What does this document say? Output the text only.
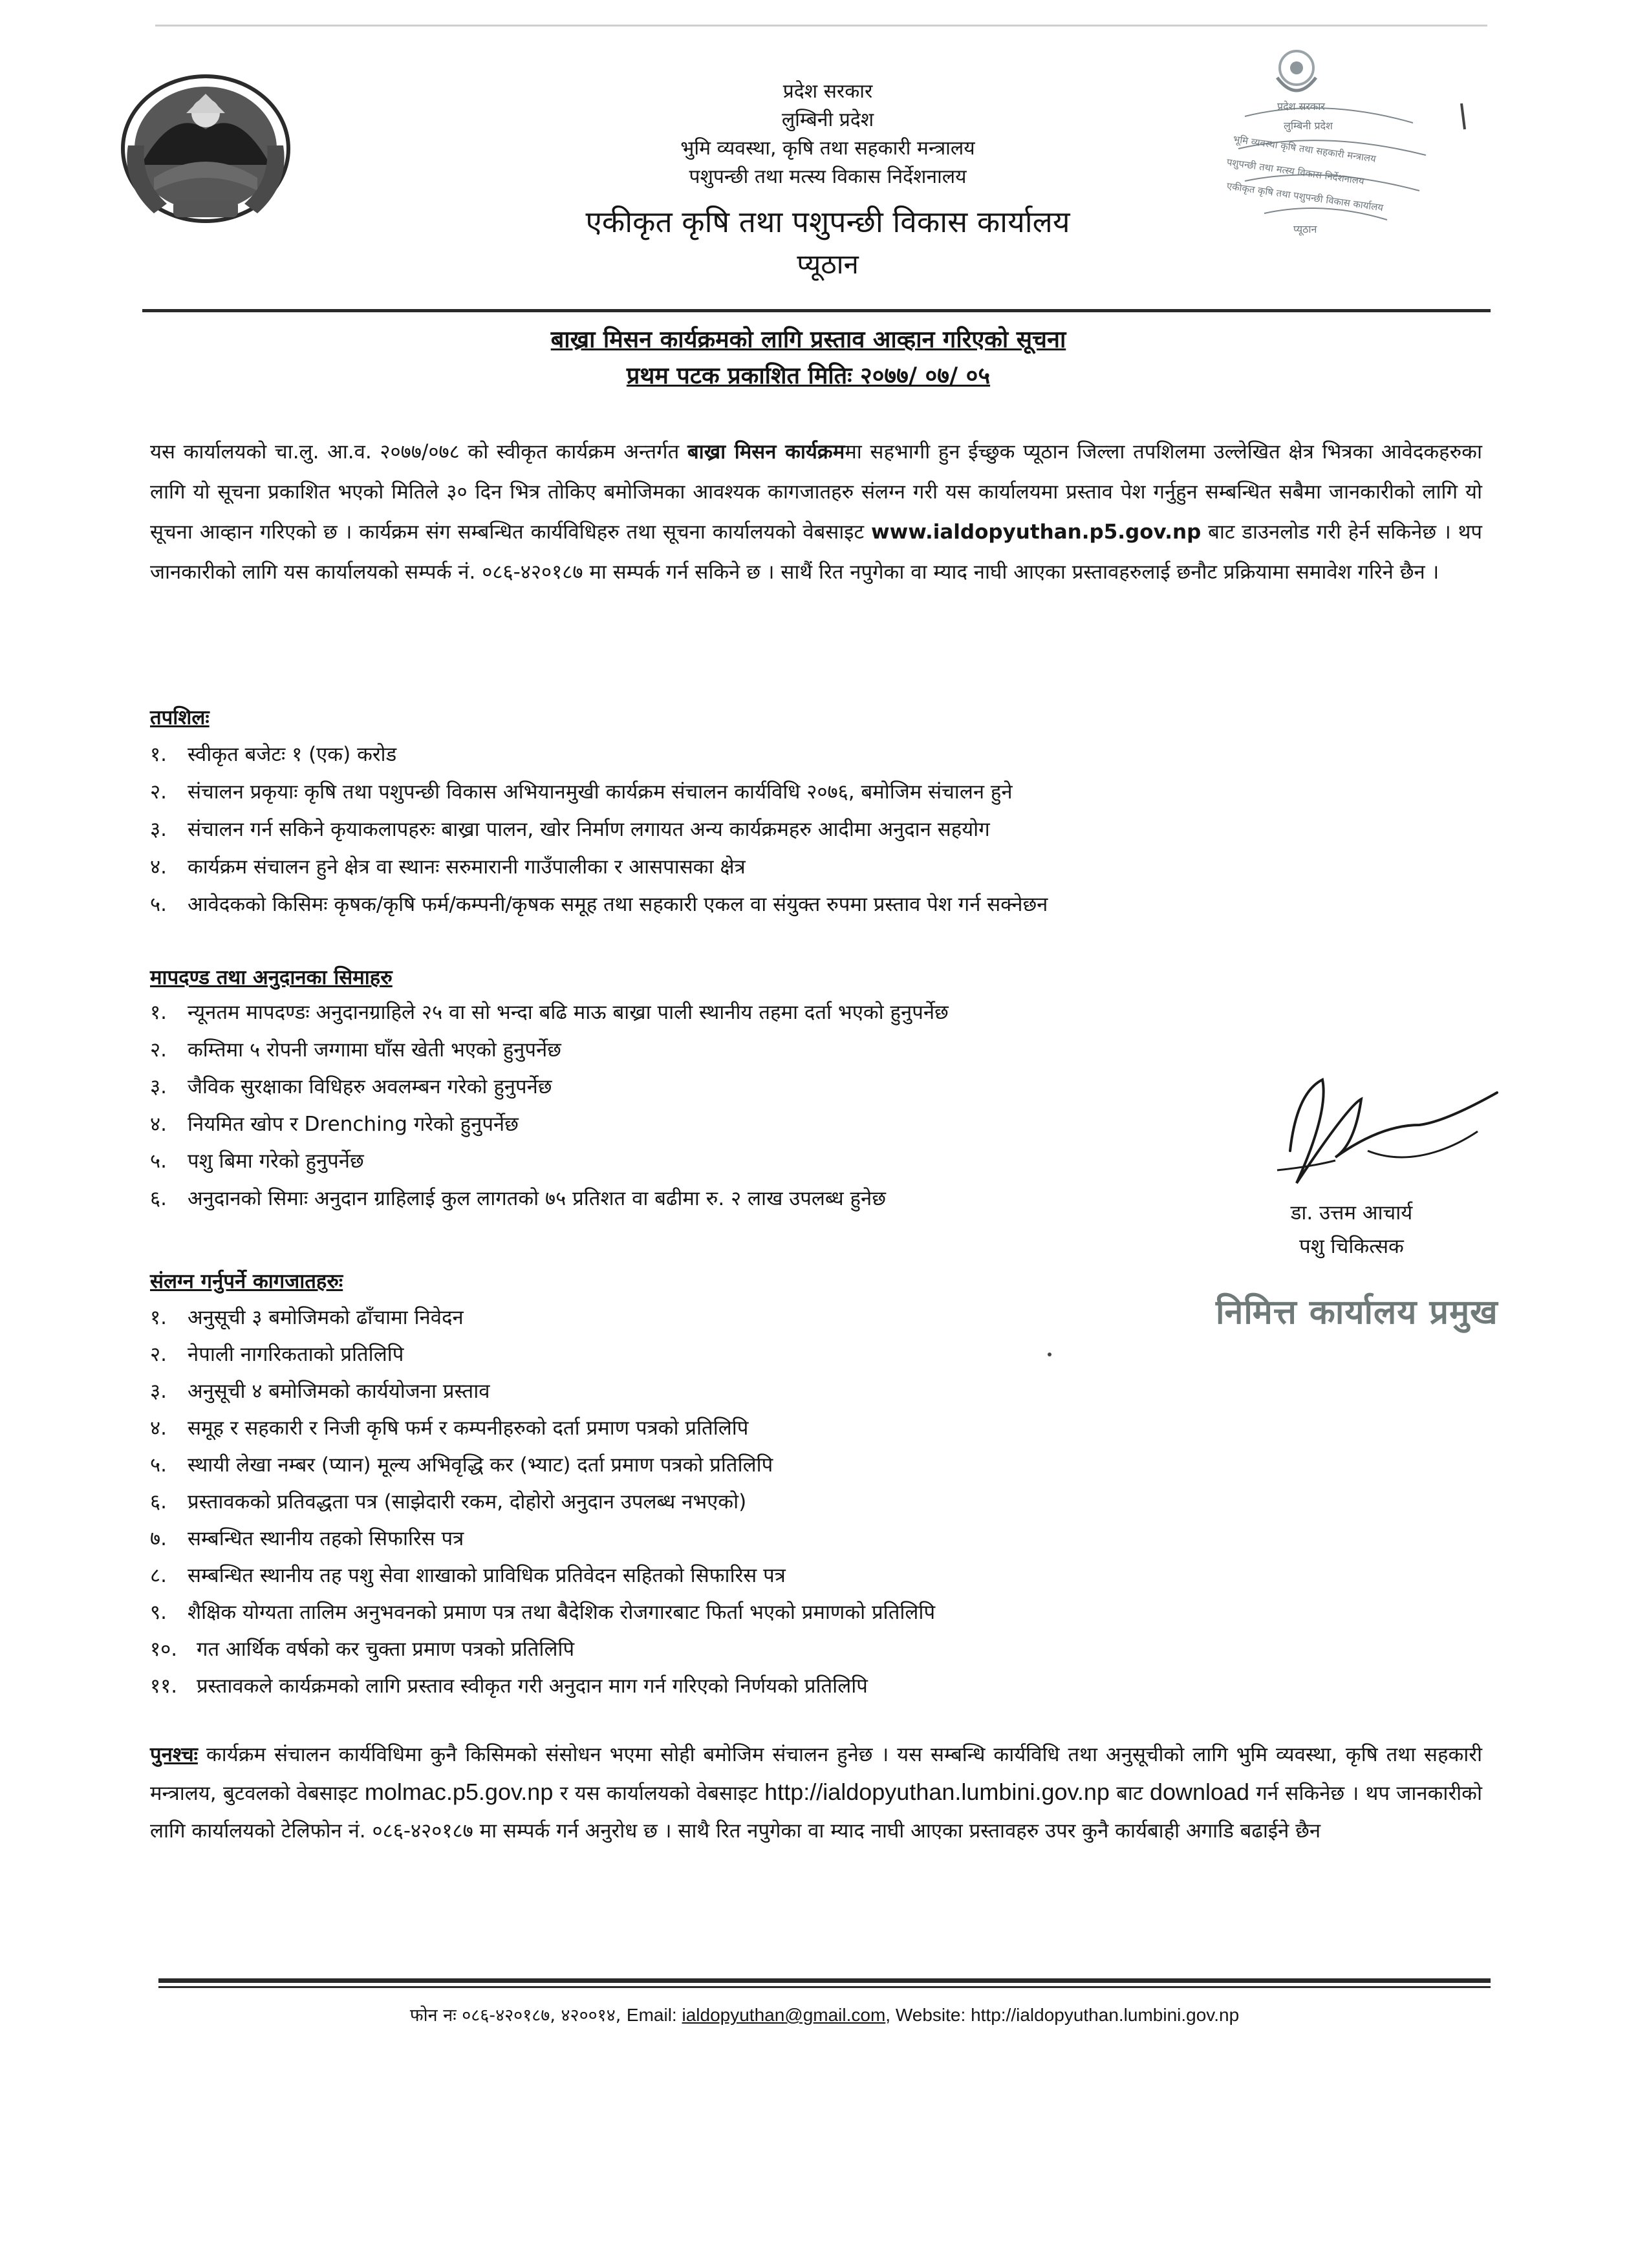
प्रदेश सरकार
लुम्बिनी प्रदेश
भूमि व्यवस्था कृषि तथा सहकारी मन्त्रालय
पशुपन्छी तथा मत्स्य विकास निर्देशनालय
एकीकृत कृषि तथा पशुपन्छी विकास कार्यालय
प्यूठान
प्रदेश सरकार
लुम्बिनी प्रदेश
भुमि व्यवस्था, कृषि तथा सहकारी मन्त्रालय
पशुपन्छी तथा मत्स्य विकास निर्देशनालय
एकीकृत कृषि तथा पशुपन्छी विकास कार्यालय
प्यूठान
बाख्रा मिसन कार्यक्रमको लागि प्रस्ताव आव्हान गरिएको सूचना
प्रथम पटक प्रकाशित मितिः २०७७/ ०७/ ०५
यस कार्यालयको चा.लु. आ.व. २०७७/०७८ को स्वीकृत कार्यक्रम अन्तर्गत बाख्रा मिसन कार्यक्रममा सहभागी हुन ईच्छुक प्यूठान जिल्ला तपशिलमा उल्लेखित क्षेत्र भित्रका आवेदकहरुका लागि यो सूचना प्रकाशित भएको मितिले ३० दिन भित्र तोकिए बमोजिमका आवश्यक कागजातहरु संलग्न गरी यस कार्यालयमा प्रस्ताव पेश गर्नुहुन सम्बन्धित सबैमा जानकारीको लागि यो सूचना आव्हान गरिएको छ । कार्यक्रम संग सम्बन्धित कार्यविधिहरु तथा सूचना कार्यालयको वेबसाइट www.ialdopyuthan.p5.gov.np बाट डाउनलोड गरी हेर्न सकिनेछ । थप जानकारीको लागि यस कार्यालयको सम्पर्क नं. ०८६-४२०१८७ मा सम्पर्क गर्न सकिने छ । साथैं रित नपुगेका वा म्याद नाघी आएका प्रस्तावहरुलाई छनौट प्रक्रियामा समावेश गरिने छैन ।
तपशिलः
१. स्वीकृत बजेटः १ (एक) करोड
२. संचालन प्रकृयाः कृषि तथा पशुपन्छी विकास अभियानमुखी कार्यक्रम संचालन कार्यविधि २०७६, बमोजिम संचालन हुने
३. संचालन गर्न सकिने कृयाकलापहरुः बाख्रा पालन, खोर निर्माण लगायत अन्य कार्यक्रमहरु आदीमा अनुदान सहयोग
४. कार्यक्रम संचालन हुने क्षेत्र वा स्थानः सरुमारानी गाउँपालीका र आसपासका क्षेत्र
५. आवेदकको किसिमः कृषक/कृषि फर्म/कम्पनी/कृषक समूह तथा सहकारी एकल वा संयुक्त रुपमा प्रस्ताव पेश गर्न सक्नेछन
मापदण्ड तथा अनुदानका सिमाहरु
१. न्यूनतम मापदण्डः अनुदानग्राहिले २५ वा सो भन्दा बढि माऊ बाख्रा पाली स्थानीय तहमा दर्ता भएको हुनुपर्नेछ
२. कम्तिमा ५ रोपनी जग्गामा घाँस खेती भएको हुनुपर्नेछ
३. जैविक सुरक्षाका विधिहरु अवलम्बन गरेको हुनुपर्नेछ
४. नियमित खोप र Drenching गरेको हुनुपर्नेछ
५. पशु बिमा गरेको हुनुपर्नेछ
६. अनुदानको सिमाः अनुदान ग्राहिलाई कुल लागतको ७५ प्रतिशत वा बढीमा रु. २ लाख उपलब्ध हुनेछ
डा. उत्तम आचार्य
पशु चिकित्सक
निमित्त कार्यालय प्रमुख
संलग्न गर्नुपर्ने कागजातहरुः
१. अनुसूची ३ बमोजिमको ढाँचामा निवेदन
२. नेपाली नागरिकताको प्रतिलिपि
३. अनुसूची ४ बमोजिमको कार्ययोजना प्रस्ताव
४. समूह र सहकारी र निजी कृषि फर्म र कम्पनीहरुको दर्ता प्रमाण पत्रको प्रतिलिपि
५. स्थायी लेखा नम्बर (प्यान) मूल्य अभिवृद्धि कर (भ्याट) दर्ता प्रमाण पत्रको प्रतिलिपि
६. प्रस्तावकको प्रतिवद्धता पत्र (साझेदारी रकम, दोहोरो अनुदान उपलब्ध नभएको)
७. सम्बन्धित स्थानीय तहको सिफारिस पत्र
८. सम्बन्धित स्थानीय तह पशु सेवा शाखाको प्राविधिक प्रतिवेदन सहितको सिफारिस पत्र
९. शैक्षिक योग्यता तालिम अनुभवनको प्रमाण पत्र तथा बैदेशिक रोजगारबाट फिर्ता भएको प्रमाणको प्रतिलिपि
१०. गत आर्थिक वर्षको कर चुक्ता प्रमाण पत्रको प्रतिलिपि
११. प्रस्तावकले कार्यक्रमको लागि प्रस्ताव स्वीकृत गरी अनुदान माग गर्न गरिएको निर्णयको प्रतिलिपि
पुनश्चः कार्यक्रम संचालन कार्यविधिमा कुनै किसिमको संसोधन भएमा सोही बमोजिम संचालन हुनेछ । यस सम्बन्धि कार्यविधि तथा अनुसूचीको लागि भुमि व्यवस्था, कृषि तथा सहकारी मन्त्रालय, बुटवलको वेबसाइट molmac.p5.gov.np र यस कार्यालयको वेबसाइट http://ialdopyuthan.lumbini.gov.np बाट download गर्न सकिनेछ । थप जानकारीको लागि कार्यालयको टेलिफोन नं. ०८६-४२०१८७ मा सम्पर्क गर्न अनुरोध छ । साथै रित नपुगेका वा म्याद नाघी आएका प्रस्तावहरु उपर कुनै कार्यबाही अगाडि बढाईने छैन
फोन नः ०८६-४२०१८७, ४२००१४, Email: ialdopyuthan@gmail.com, Website: http://ialdopyuthan.lumbini.gov.np
